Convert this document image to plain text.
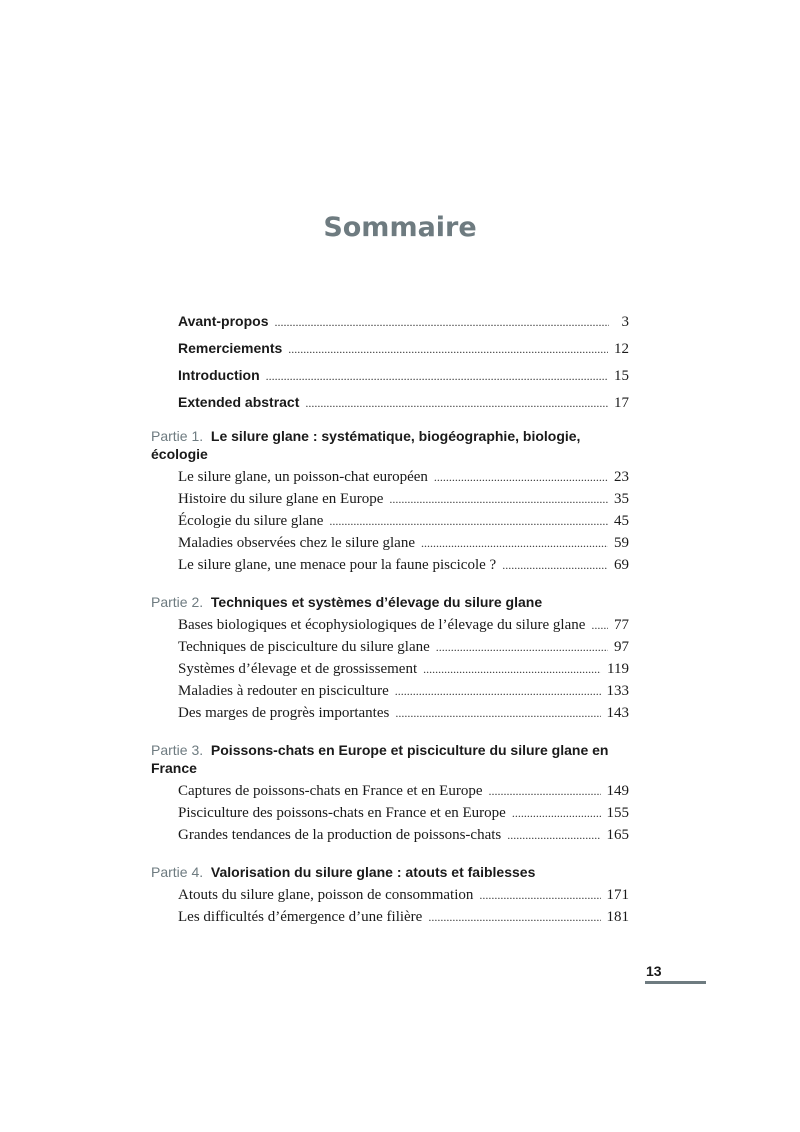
Sommaire
Avant-propos .....	3
Remerciements .....	12
Introduction .....	15
Extended abstract .....	17
Partie 1. Le silure glane : systématique, biogéographie, biologie, écologie
Le silure glane, un poisson-chat européen .....	23
Histoire du silure glane en Europe .....	35
Écologie du silure glane .....	45
Maladies observées chez le silure glane .....	59
Le silure glane, une menace pour la faune piscicole ? .....	69
Partie 2. Techniques et systèmes d’élevage du silure glane
Bases biologiques et écophysiologiques de l’élevage du silure glane ..... 77
Techniques de pisciculture du silure glane .....	97
Systèmes d’élevage et de grossissement .....	119
Maladies à redouter en pisciculture .....	133
Des marges de progrès importantes .....	143
Partie 3. Poissons-chats en Europe et pisciculture du silure glane en France
Captures de poissons-chats en France et en Europe .....	149
Pisciculture des poissons-chats en France et en Europe .....	155
Grandes tendances de la production de poissons-chats .....	165
Partie 4. Valorisation du silure glane : atouts et faiblesses
Atouts du silure glane, poisson de consommation .....	171
Les difficultés d’émergence d’une filière .....	181
13
